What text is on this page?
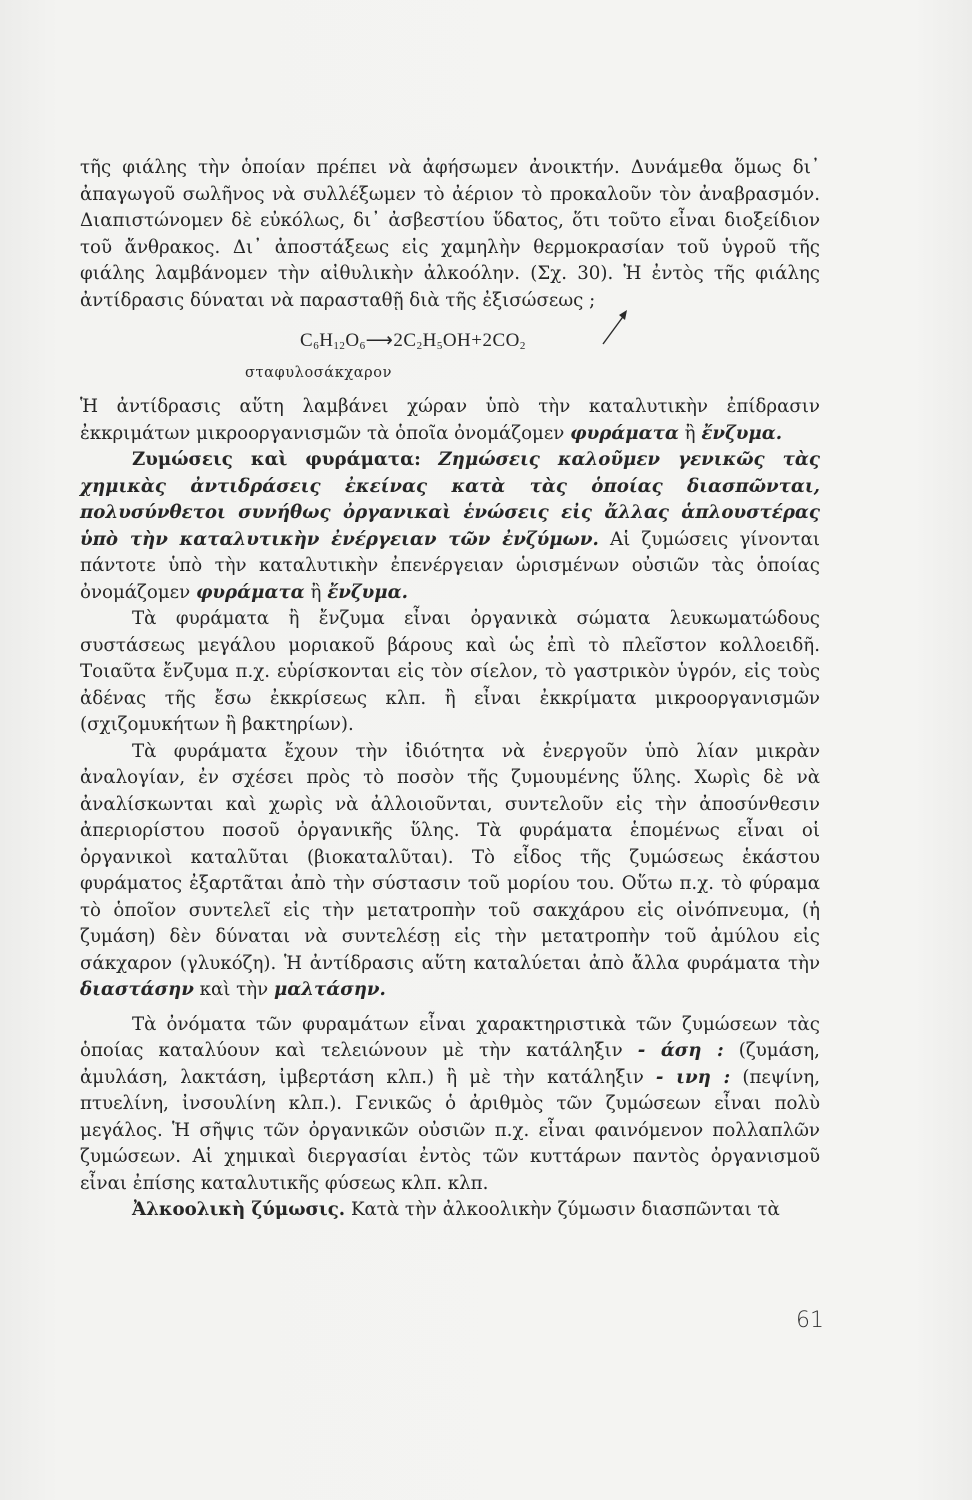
τῆς φιάλης τὴν ὁποίαν πρέπει νὰ ἀφήσωμεν ἀνοικτήν. Δυνάμεθα ὅμως δι᾽ ἀπαγωγοῦ σωλῆνος νὰ συλλέξωμεν τὸ ἀέριον τὸ προκαλοῦν τὸν ἀναβρασμόν. Διαπιστώνομεν δὲ εὐκόλως, δι᾽ ἀσβεστίου ὕδατος, ὅτι τοῦτο εἶναι διοξείδιον τοῦ ἄνθρακος. Δι᾽ ἀποστάξεως εἰς χαμηλὴν θερμοκρασίαν τοῦ ὑγροῦ τῆς φιάλης λαμβάνομεν τὴν αἰθυλικὴν ἀλκοόλην. (Σχ. 30). Ἡ ἐντὸς τῆς φιάλης ἀντίδρασις δύναται νὰ παρασταθῇ διὰ τῆς ἐξισώσεως ;

$C_6H_{12}O_6⟶2C_2H_5OH+2CO_2$
σταφυλοσάκχαρον

Ἡ ἀντίδρασις αὕτη λαμβάνει χώραν ὑπὸ τὴν καταλυτικὴν ἐπίδρασιν ἐκκριμάτων μικροοργανισμῶν τὰ ὁποῖα ὀνομάζομεν φυράματα ἢ ἔνζυμα.

Ζυμώσεις καὶ φυράματα: Ζημώσεις καλοῦμεν γενικῶς τὰς χημικὰς ἀντιδράσεις ἐκείνας κατὰ τὰς ὁποίας διασπῶνται, πολυσύνθετοι συνήθως ὀργανικαὶ ἑνώσεις εἰς ἄλλας ἁπλουστέρας ὑπὸ τὴν καταλυτικὴν ἐνέργειαν τῶν ἐνζύμων. Αἱ ζυμώσεις γίνονται πάντοτε ὑπὸ τὴν καταλυτικὴν ἐπενέργειαν ὡρισμένων οὐσιῶν τὰς ὁποίας ὀνομάζομεν φυράματα ἢ ἔνζυμα.

Τὰ φυράματα ἢ ἔνζυμα εἶναι ὀργανικὰ σώματα λευκωματώδους συστάσεως μεγάλου μοριακοῦ βάρους καὶ ὡς ἐπὶ τὸ πλεῖστον κολλοειδῆ. Τοιαῦτα ἔνζυμα π.χ. εὑρίσκονται εἰς τὸν σίελον, τὸ γαστρικὸν ὑγρόν, εἰς τοὺς ἀδένας τῆς ἔσω ἐκκρίσεως κλπ. ἢ εἶναι ἐκκρίματα μικροοργανισμῶν (σχιζομυκήτων ἢ βακτηρίων).

Τὰ φυράματα ἔχουν τὴν ἰδιότητα νὰ ἐνεργοῦν ὑπὸ λίαν μικρὰν ἀναλογίαν, ἐν σχέσει πρὸς τὸ ποσὸν τῆς ζυμουμένης ὕλης. Χωρὶς δὲ νὰ ἀναλίσκωνται καὶ χωρὶς νὰ ἀλλοιοῦνται, συντελοῦν εἰς τὴν ἀποσύνθεσιν ἀπεριορίστου ποσοῦ ὀργανικῆς ὕλης. Τὰ φυράματα ἑπομένως εἶναι οἱ ὀργανικοὶ καταλῦται (βιοκαταλῦται). Τὸ εἶδος τῆς ζυμώσεως ἑκάστου φυράματος ἐξαρτᾶται ἀπὸ τὴν σύστασιν τοῦ μορίου του. Οὕτω π.χ. τὸ φύραμα τὸ ὁποῖον συντελεῖ εἰς τὴν μετατροπὴν τοῦ σακχάρου εἰς οἰνόπνευμα, (ἡ ζυμάση) δὲν δύναται νὰ συντελέσῃ εἰς τὴν μετατροπὴν τοῦ ἀμύλου εἰς σάκχαρον (γλυκόζη). Ἡ ἀντίδρασις αὕτη καταλύεται ἀπὸ ἄλλα φυράματα τὴν διαστάσην καὶ τὴν μαλτάσην.

Τὰ ὀνόματα τῶν φυραμάτων εἶναι χαρακτηριστικὰ τῶν ζυμώσεων τὰς ὁποίας καταλύουν καὶ τελειώνουν μὲ τὴν κατάληξιν - άση : (ζυμάση, ἀμυλάση, λακτάση, ἰμβερτάση κλπ.) ἢ μὲ τὴν κατάληξιν - ινη : (πεψίνη, πτυελίνη, ἰνσουλίνη κλπ.). Γενικῶς ὁ ἀριθμὸς τῶν ζυμώσεων εἶναι πολὺ μεγάλος. Ἡ σῆψις τῶν ὀργανικῶν οὐσιῶν π.χ. εἶναι φαινόμενον πολλαπλῶν ζυμώσεων. Αἱ χημικαὶ διεργασίαι ἐντὸς τῶν κυττάρων παντὸς ὀργανισμοῦ εἶναι ἐπίσης καταλυτικῆς φύσεως κλπ. κλπ.

Ἀλκοολικὴ ζύμωσις. Κατὰ τὴν ἀλκοολικὴν ζύμωσιν διασπῶνται τὰ

61
